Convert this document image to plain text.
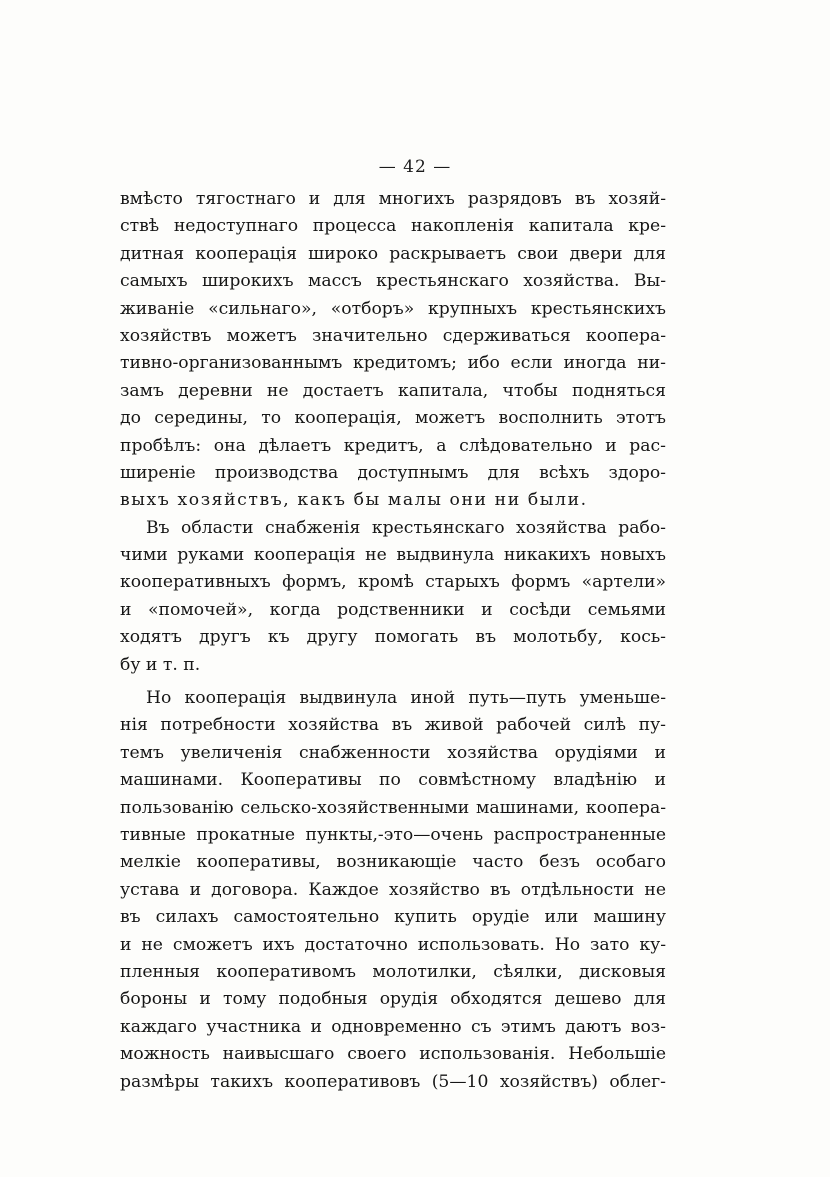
— 42 —
вмѣсто тягостнаго и для многихъ разрядовъ въ хозяй-
ствѣ недоступнаго процесса накопленія капитала кре-
дитная кооперація широко раскрываетъ свои двери для
самыхъ широкихъ массъ крестьянскаго хозяйства. Вы-
живаніе «сильнаго», «отборъ» крупныхъ крестьянскихъ
хозяйствъ можетъ значительно сдерживаться коопера-
тивно-организованнымъ кредитомъ; ибо если иногда ни-
замъ деревни не достаетъ капитала, чтобы подняться
до середины, то кооперація, можетъ восполнить этотъ
пробѣлъ: она дѣлаетъ кредитъ, а слѣдовательно и рас-
ширеніе производства доступнымъ для всѣхъ здоро-
выхъ хозяйствъ, какъ бы малы они ни были.
Въ области снабженія крестьянскаго хозяйства рабо-
чими руками кооперація не выдвинула никакихъ новыхъ
кооперативныхъ формъ, кромѣ старыхъ формъ «артели»
и «помочей», когда родственники и сосѣди семьями
ходятъ другъ къ другу помогать въ молотьбу, кось-
бу и т. п.
Но кооперація выдвинула иной путь—путь уменьше-
нія потребности хозяйства въ живой рабочей силѣ пу-
темъ увеличенія снабженности хозяйства орудіями и
машинами. Кооперативы по совмѣстному владѣнію и
пользованію сельско-хозяйственными машинами, коопера-
тивные прокатные пункты,-это—очень распространенные
мелкіе кооперативы, возникающіе часто безъ особаго
устава и договора. Каждое хозяйство въ отдѣльности не
въ силахъ самостоятельно купить орудіе или машину
и не сможетъ ихъ достаточно использовать. Но зато ку-
пленныя кооперативомъ молотилки, сѣялки, дисковыя
бороны и тому подобныя орудія обходятся дешево для
каждаго участника и одновременно съ этимъ даютъ воз-
можность наивысшаго своего использованія. Небольшіе
размѣры такихъ кооперативовъ (5—10 хозяйствъ) облег-
